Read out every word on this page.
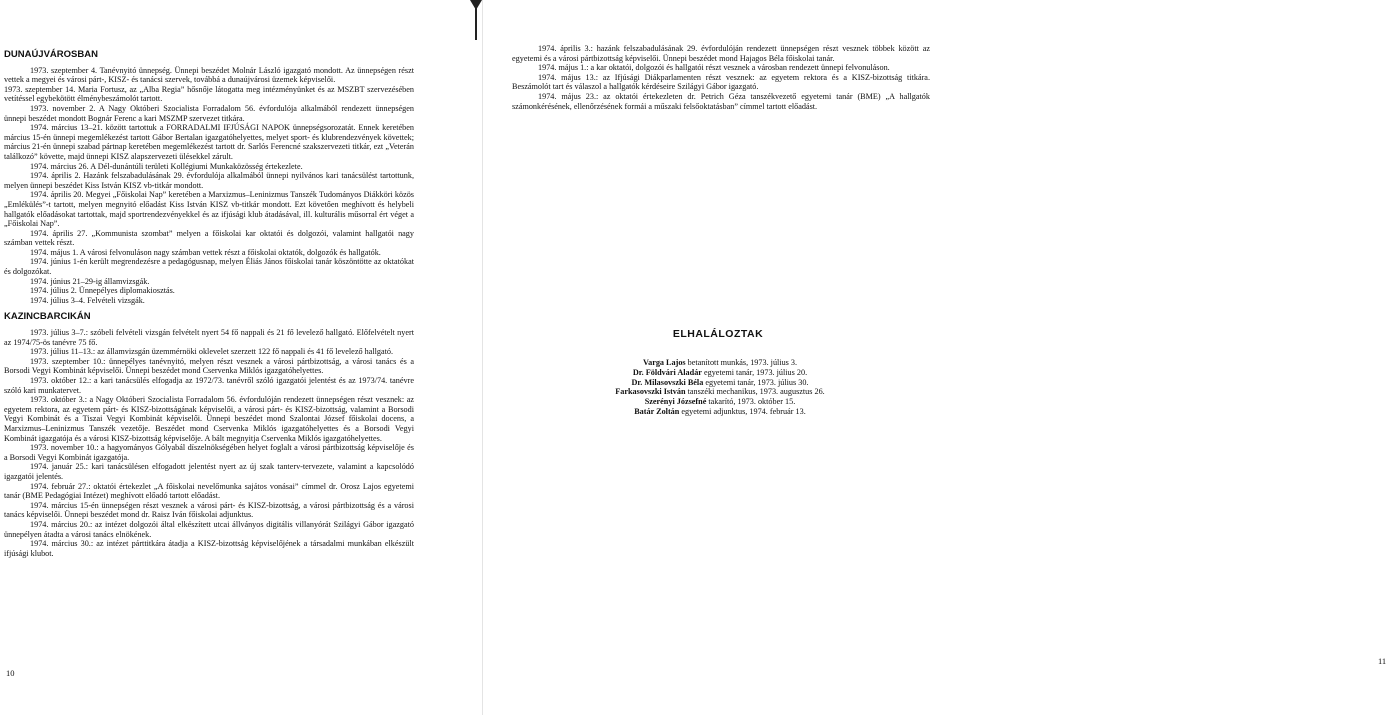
DUNAÚJVÁROSBAN

1973. szeptember 4. Tanévnyitó ünnepség. Ünnepi beszédet Molnár László igazgató mondott. Az ünnepségen részt vettek a megyei és városi párt-, KISZ- és tanácsi szervek, továbbá a dunaújvárosi üzemek képviselői.

1973. szeptember 14. Maria Fortusz, az „Alba Regia” hősnője látogatta meg intézményünket és az MSZBT szervezésében vetítéssel egybekötött élménybeszámolót tartott.

1973. november 2. A Nagy Októberi Szocialista Forradalom 56. évfordulója alkalmából rendezett ünnepségen ünnepi beszédet mondott Bognár Ferenc a kari MSZMP szervezet titkára.

1974. március 13–21. között tartottuk a FORRADALMI IFJÚSÁGI NAPOK ünnepségsorozatát. Ennek keretében március 15-én ünnepi megemlékezést tartott Gábor Bertalan igazgatóhelyettes, melyet sport- és klubrendezvények követtek; március 21-én ünnepi szabad pártnap keretében megemlékezést tartott dr. Sarlós Ferencné szakszervezeti titkár, ezt „Veterán találkozó” követte, majd ünnepi KISZ alapszervezeti ülésekkel zárult.

1974. március 26. A Dél-dunántúli területi Kollégiumi Munkaközösség értekezlete.

1974. április 2. Hazánk felszabadulásának 29. évfordulója alkalmából ünnepi nyilvános kari tanácsülést tartottunk, melyen ünnepi beszédet Kiss István KISZ vb-titkár mondott.

1974. április 20. Megyei „Főiskolai Nap” keretében a Marxizmus–Leninizmus Tanszék Tudományos Diákköri közös „Emlékülés”-t tartott, melyen megnyitó előadást Kiss István KISZ vb-titkár mondott. Ezt követően meghívott és helybeli hallgatók előadásokat tartottak, majd sportrendezvényekkel és az ifjúsági klub átadásával, ill. kulturális műsorral ért véget a „Főiskolai Nap”.

1974. április 27. „Kommunista szombat” melyen a főiskolai kar oktatói és dolgozói, valamint hallgatói nagy számban vettek részt.

1974. május 1. A városi felvonuláson nagy számban vettek részt a főiskolai oktatók, dolgozók és hallgatók.

1974. június 1-én került megrendezésre a pedagógusnap, melyen Éliás János főiskolai tanár köszöntötte az oktatókat és dolgozókat.

1974. június 21–29-ig államvizsgák.

1974. július 2. Ünnepélyes diplomakiosztás.

1974. július 3–4. Felvételi vizsgák.

KAZINCBARCIKÁN

1973. július 3–7.: szóbeli felvételi vizsgán felvételt nyert 54 fő nappali és 21 fő levelező hallgató. Előfelvételt nyert az 1974/75-ös tanévre 75 fő.

1973. július 11–13.: az államvizsgán üzemmérnöki oklevelet szerzett 122 fő nappali és 41 fő levelező hallgató.

1973. szeptember 10.: ünnepélyes tanévnyitó, melyen részt vesznek a városi pártbizottság, a városi tanács és a Borsodi Vegyi Kombinát képviselői. Ünnepi beszédet mond Cservenka Miklós igazgatóhelyettes.

1973. október 12.: a kari tanácsülés elfogadja az 1972/73. tanévről szóló igazgatói jelentést és az 1973/74. tanévre szóló kari munkatervet.

1973. október 3.: a Nagy Októberi Szocialista Forradalom 56. évfordulóján rendezett ünnepségen részt vesznek: az egyetem rektora, az egyetem párt- és KISZ-bizottságának képviselői, a városi párt- és KISZ-bizottság, valamint a Borsodi Vegyi Kombinát és a Tiszai Vegyi Kombinát képviselői. Ünnepi beszédet mond Szalontai József főiskolai docens, a Marxizmus–Leninizmus Tanszék vezetője. Beszédet mond Cservenka Miklós igazgatóhelyettes és a Borsodi Vegyi Kombinát igazgatója és a városi KISZ-bizottság képviselője. A bált megnyitja Cservenka Miklós igazgatóhelyettes.

1973. november 10.: a hagyományos Gólyabál díszelnökségében helyet foglalt a városi pártbizottság képviselője és a Borsodi Vegyi Kombinát igazgatója.

1974. január 25.: kari tanácsülésen elfogadott jelentést nyert az új szak tanterv-tervezete, valamint a kapcsolódó igazgatói jelentés.

1974. február 27.: oktatói értekezlet „A főiskolai nevelőmunka sajátos vonásai” címmel dr. Orosz Lajos egyetemi tanár (BME Pedagógiai Intézet) meghívott előadó tartott előadást.

1974. március 15-én ünnepségen részt vesznek a városi párt- és KISZ-bizottság, a városi pártbizottság és a városi tanács képviselői. Ünnepi beszédet mond dr. Raisz Iván főiskolai adjunktus.

1974. március 20.: az intézet dolgozói által elkészített utcai állványos digitális villanyórát Szilágyi Gábor igazgató ünnepélyen átadta a városi tanács elnökének.

1974. március 30.: az intézet párttitkára átadja a KISZ-bizottság képviselőjének a társadalmi munkában elkészült ifjúsági klubot.

10

1974. április 3.: hazánk felszabadulásának 29. évfordulóján rendezett ünnepségen részt vesznek többek között az egyetemi és a városi pártbizottság képviselői. Ünnepi beszédet mond Hajagos Béla főiskolai tanár.

1974. május 1.: a kar oktatói, dolgozói és hallgatói részt vesznek a városban rendezett ünnepi felvonuláson.

1974. május 13.: az Ifjúsági Diákparlamenten részt vesznek: az egyetem rektora és a KISZ-bizottság titkára. Beszámolót tart és válaszol a hallgatók kérdéseire Szilágyi Gábor igazgató.

1974. május 23.: az oktatói értekezleten dr. Petrich Géza tanszékvezető egyetemi tanár (BME) „A hallgatók számonkérésének, ellenőrzésének formái a műszaki felsőoktatásban” címmel tartott előadást.

ELHALÁLOZTAK
Varga Lajos betanított munkás, 1973. július 3.
Dr. Földvári Aladár egyetemi tanár, 1973. július 20.
Dr. Milasovszki Béla egyetemi tanár, 1973. július 30.
Farkasovszki István tanszéki mechanikus, 1973. augusztus 26.
Szerényi Józsefné takarító, 1973. október 15.
Batár Zoltán egyetemi adjunktus, 1974. február 13.
11
